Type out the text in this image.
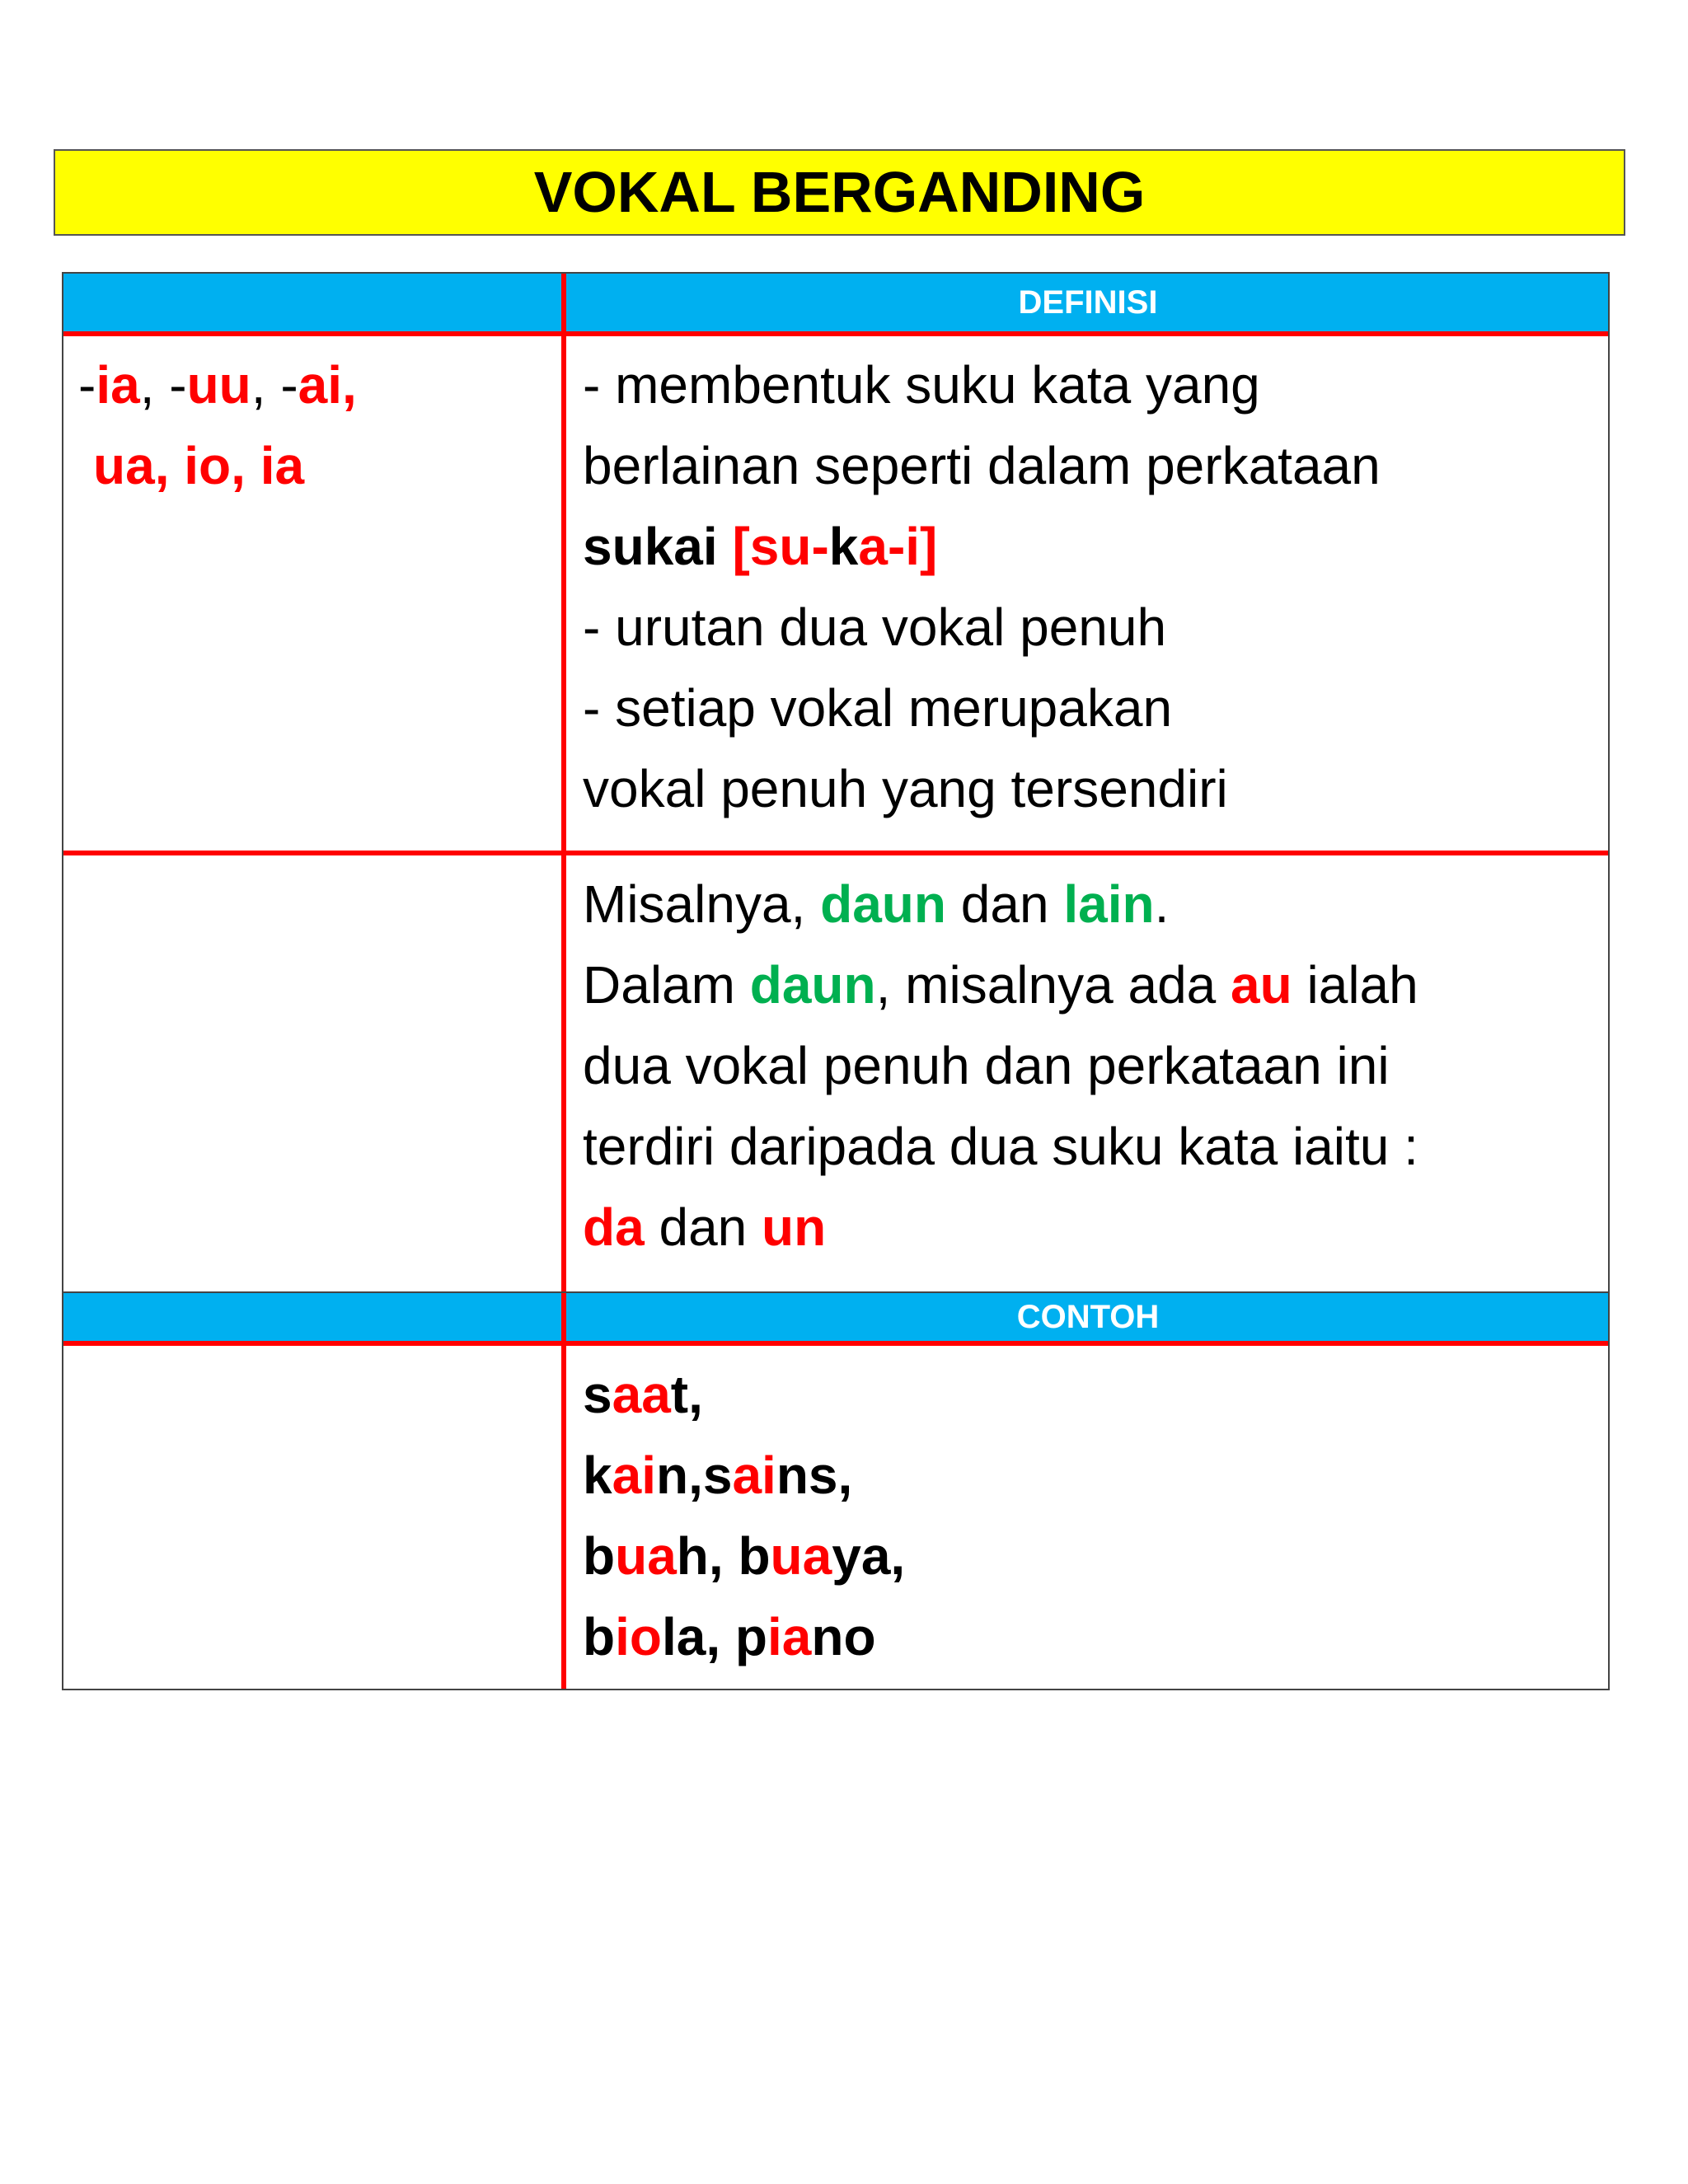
VOKAL BERGANDING
DEFINISI
-ia, -uu, -ai,
ua, io, ia
- membentuk suku kata yang
berlainan seperti dalam perkataan
sukai [su-ka-i]
- urutan dua vokal penuh
- setiap vokal merupakan
vokal penuh yang tersendiri
Misalnya, daun dan lain.
Dalam daun, misalnya ada au ialah
dua vokal penuh dan perkataan ini
terdiri daripada dua suku kata iaitu :
da dan un
CONTOH
saat,
kain,sains,
buah, buaya,
biola, piano
